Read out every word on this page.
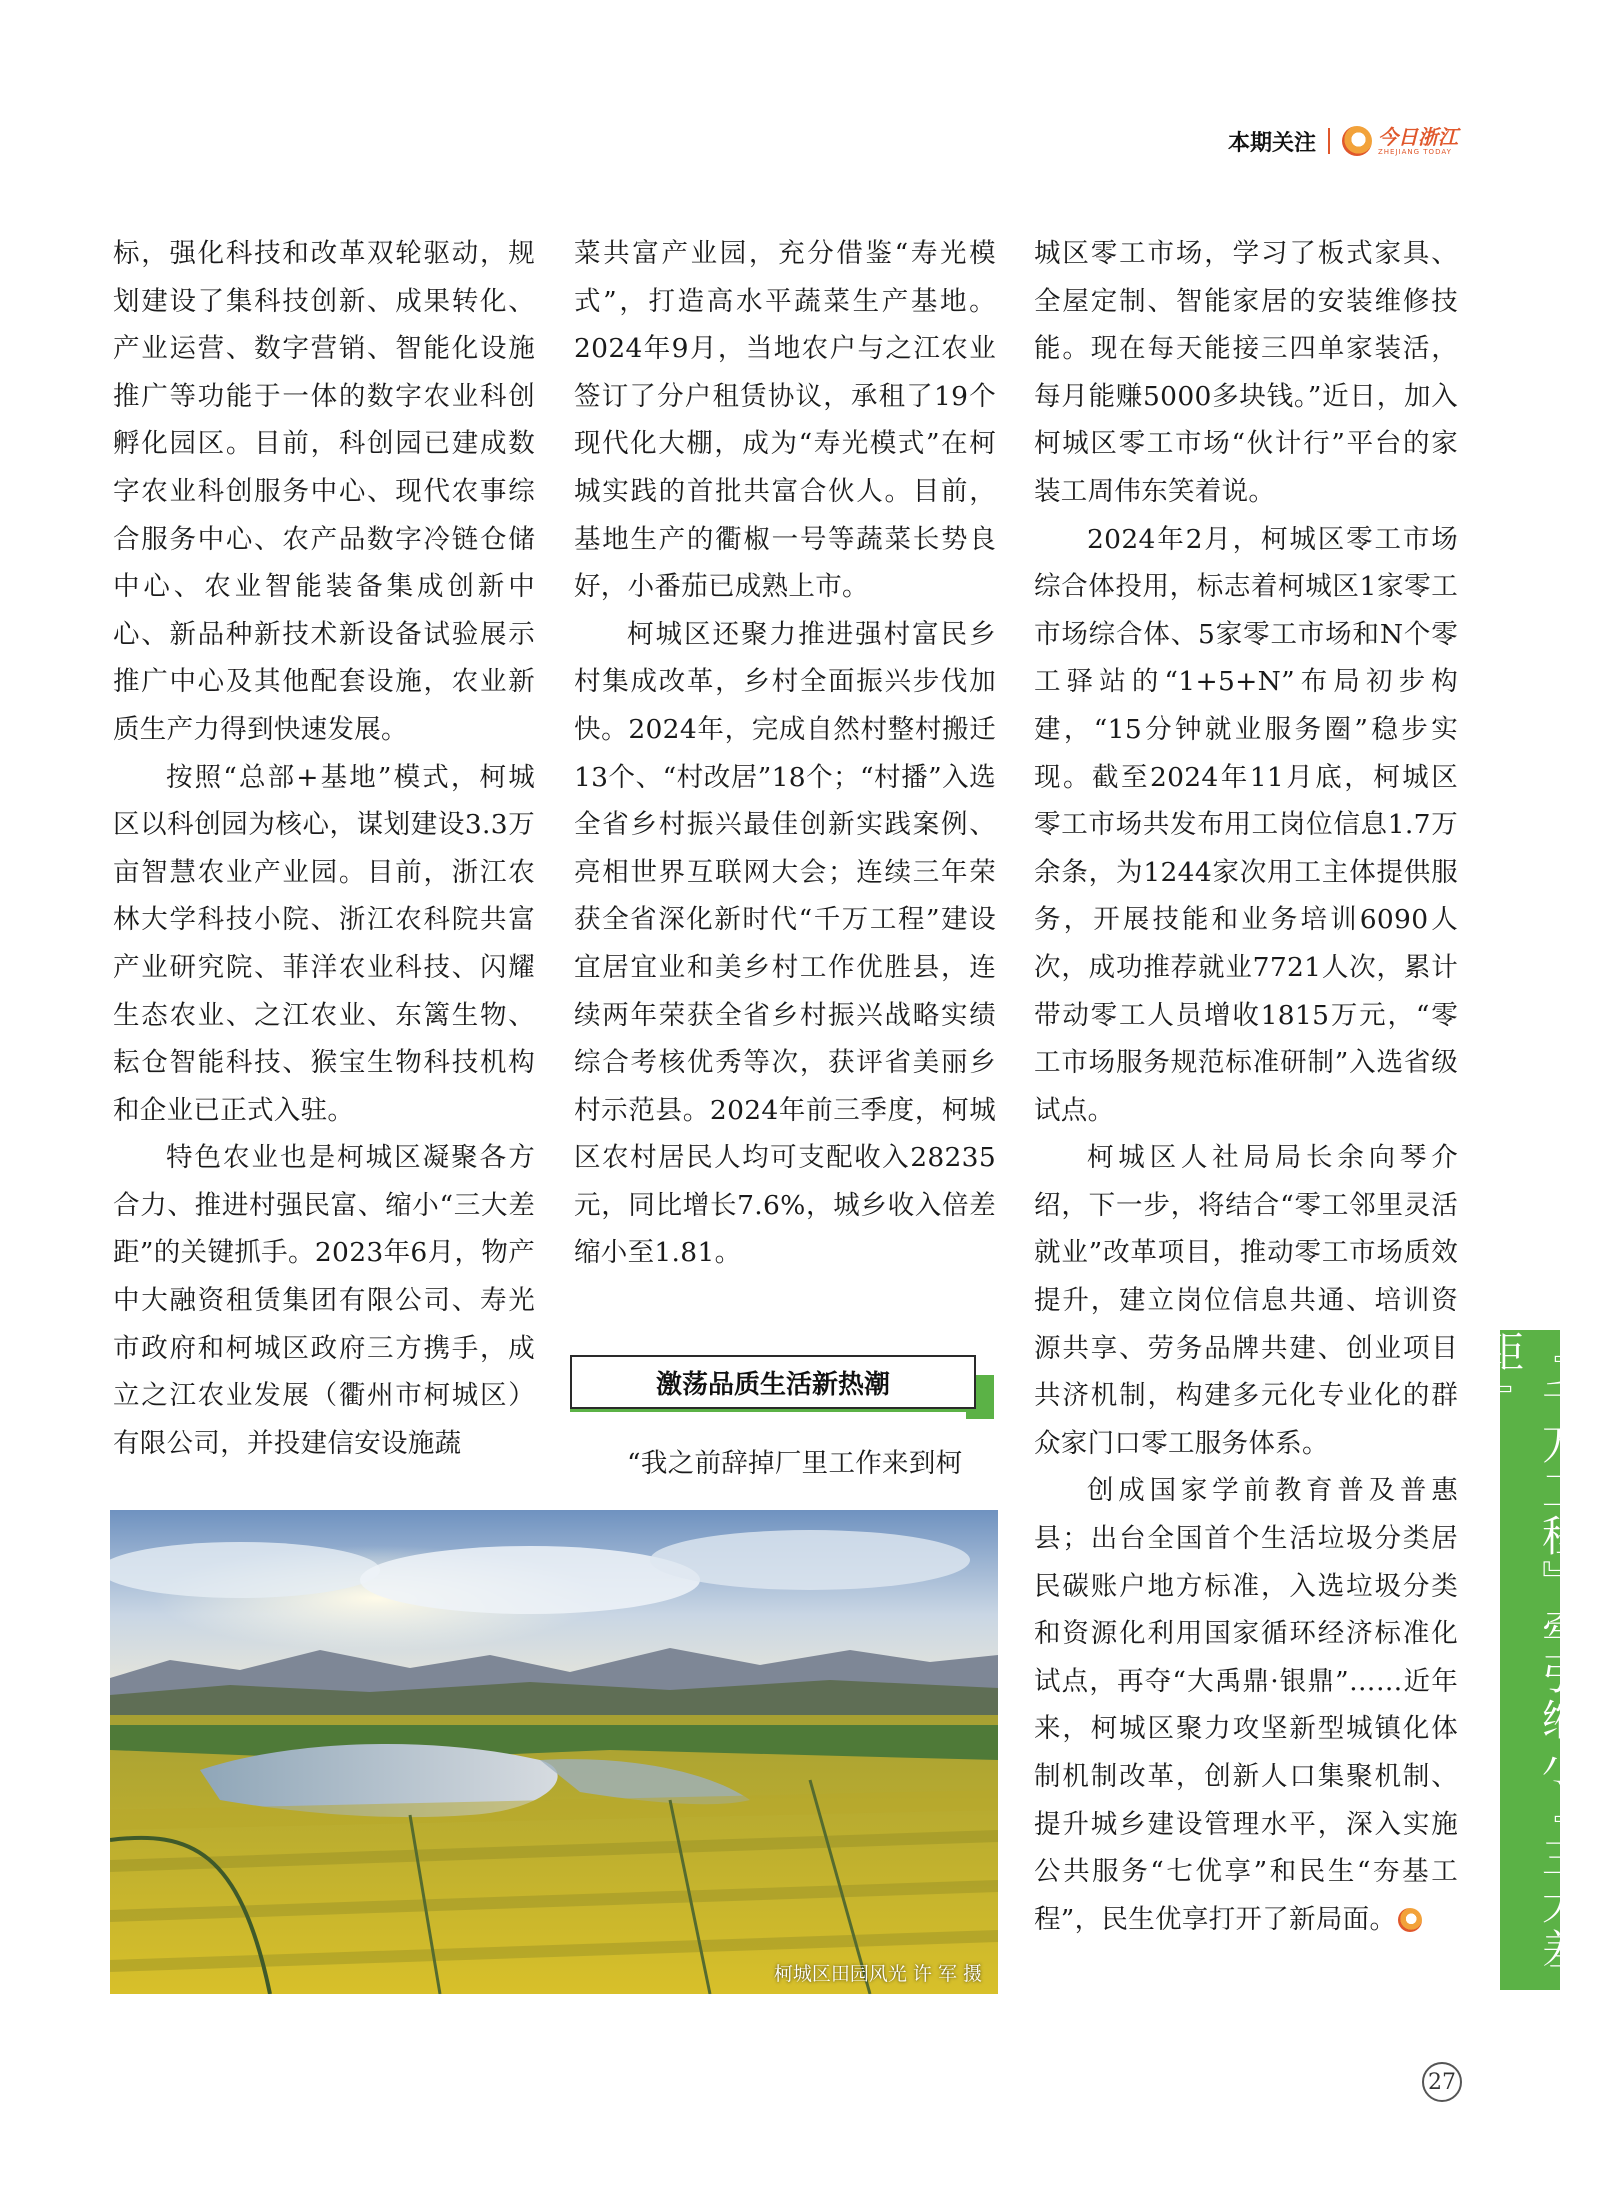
本期关注	今日浙江
ZHEJIANG TODAY

标，强化科技和改革双轮驱动，规划建设了集科技创新、成果转化、产业运营、数字营销、智能化设施推广等功能于一体的数字农业科创孵化园区。目前，科创园已建成数字农业科创服务中心、现代农事综合服务中心、农产品数字冷链仓储中心、农业智能装备集成创新中心、新品种新技术新设备试验展示推广中心及其他配套设施，农业新质生产力得到快速发展。

按照“总部+基地”模式，柯城区以科创园为核心，谋划建设3.3万亩智慧农业产业园。目前，浙江农林大学科技小院、浙江农科院共富产业研究院、菲洋农业科技、闪耀生态农业、之江农业、东篱生物、耘仓智能科技、猴宝生物科技机构和企业已正式入驻。

特色农业也是柯城区凝聚各方合力、推进村强民富、缩小“三大差距”的关键抓手。2023年6月，物产中大融资租赁集团有限公司、寿光市政府和柯城区政府三方携手，成立之江农业发展（衢州市柯城区）有限公司，并投建信安设施蔬

菜共富产业园，充分借鉴“寿光模式”，打造高水平蔬菜生产基地。2024年9月，当地农户与之江农业签订了分户租赁协议，承租了19个现代化大棚，成为“寿光模式”在柯城实践的首批共富合伙人。目前，基地生产的衢椒一号等蔬菜长势良好，小番茄已成熟上市。

柯城区还聚力推进强村富民乡村集成改革，乡村全面振兴步伐加快。2024年，完成自然村整村搬迁13个、“村改居”18个；“村播”入选全省乡村振兴最佳创新实践案例、亮相世界互联网大会；连续三年荣获全省深化新时代“千万工程”建设宜居宜业和美乡村工作优胜县，连续两年荣获全省乡村振兴战略实绩综合考核优秀等次，获评省美丽乡村示范县。2024年前三季度，柯城区农村居民人均可支配收入28235元，同比增长7.6%，城乡收入倍差缩小至1.81。

激荡品质生活新热潮

“我之前辞掉厂里工作来到柯

城区零工市场，学习了板式家具、全屋定制、智能家居的安装维修技能。现在每天能接三四单家装活，每月能赚5000多块钱。”近日，加入柯城区零工市场“伙计行”平台的家装工周伟东笑着说。

2024年2月，柯城区零工市场综合体投用，标志着柯城区1家零工市场综合体、5家零工市场和N个零工驿站的“1+5+N”布局初步构建，“15分钟就业服务圈”稳步实现。截至2024年11月底，柯城区零工市场共发布用工岗位信息1.7万余条，为1244家次用工主体提供服务，开展技能和业务培训6090人次，成功推荐就业7721人次，累计带动零工人员增收1815万元，“零工市场服务规范标准研制”入选省级试点。

柯城区人社局局长余向琴介绍，下一步，将结合“零工邻里灵活就业”改革项目，推动零工市场质效提升，建立岗位信息共通、培训资源共享、劳务品牌共建、创业项目共济机制，构建多元化专业化的群众家门口零工服务体系。

创成国家学前教育普及普惠县；出台全国首个生活垃圾分类居民碳账户地方标准，入选垃圾分类和资源化利用国家循环经济标准化试点，再夺“大禹鼎·银鼎”……近年来，柯城区聚力攻坚新型城镇化体制机制改革，创新人口集聚机制、提升城乡建设管理水平，深入实施公共服务“七优享”和民生“夯基工程”，民生优享打开了新局面。

柯城区田园风光 许 军 摄	『千万工程』牵引缩小『三大差距』
27
